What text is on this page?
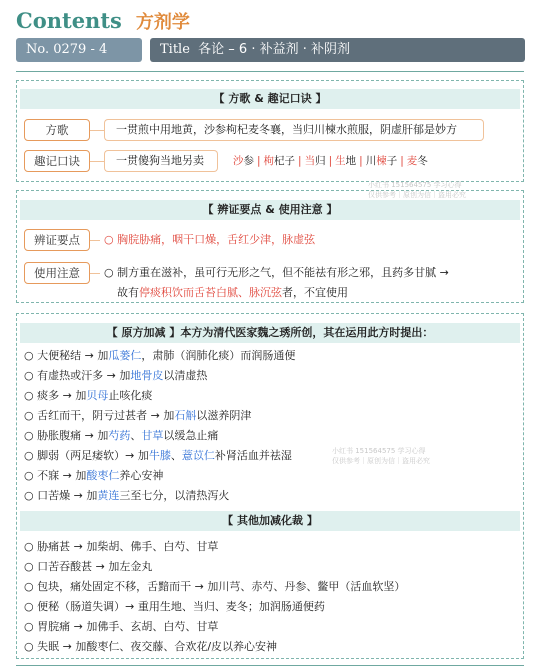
Contents 方剂学
No. 0279 - 4	Title 各论 – 6 · 补益剂 · 补阴剂
【 方歌 & 趣记口诀 】
方歌	一贯煎中用地黄，沙参枸杞麦冬襄，当归川楝水煎服，阴虚肝郁是妙方
趣记口诀	一贯傻狗当地另卖	沙参 | 枸杞子 | 当归 | 生地 | 川楝子 | 麦冬
小红书 151564575 学习心得
仅供参考｜原创为信｜盗用必究
【 辨证要点 & 使用注意 】
辨证要点	○ 胸脘胁痛，咽干口燥，舌红少津，脉虚弦
使用注意	○ 制方重在滋补，虽可行无形之气，但不能祛有形之邪，且药多甘腻 →
故有停痰积饮而舌苔白腻、脉沉弦者，不宜使用
【 原方加减 】本方为清代医家魏之琇所创，其在运用此方时提出：
○ 大便秘结 → 加瓜蒌仁，肃肺（润肺化痰）而润肠通便
○ 有虚热或汗多 → 加地骨皮以清虚热
○ 痰多 → 加贝母止咳化痰
○ 舌红而干，阴亏过甚者 → 加石斛以滋养阴津
○ 胁胀腹痛 → 加芍药、甘草以缓急止痛
○ 脚弱（两足痿软）→ 加牛膝、薏苡仁补肾活血并祛湿
○ 不寐 → 加酸枣仁养心安神
○ 口苦燥 → 加黄连三至七分，以清热泻火
小红书 151564575 学习心得
仅供参考｜原创为信｜盗用必究
【 其他加减化裁 】
○ 胁痛甚 → 加柴胡、佛手、白芍、甘草
○ 口苦吞酸甚 → 加左金丸
○ 包块，痛处固定不移，舌黯而干 → 加川芎、赤芍、丹参、鳖甲（活血软坚）
○ 便秘（肠道失调）→ 重用生地、当归、麦冬；加润肠通便药
○ 胃脘痛 → 加佛手、玄胡、白芍、甘草
○ 失眠 → 加酸枣仁、夜交藤、合欢花/皮以养心安神
